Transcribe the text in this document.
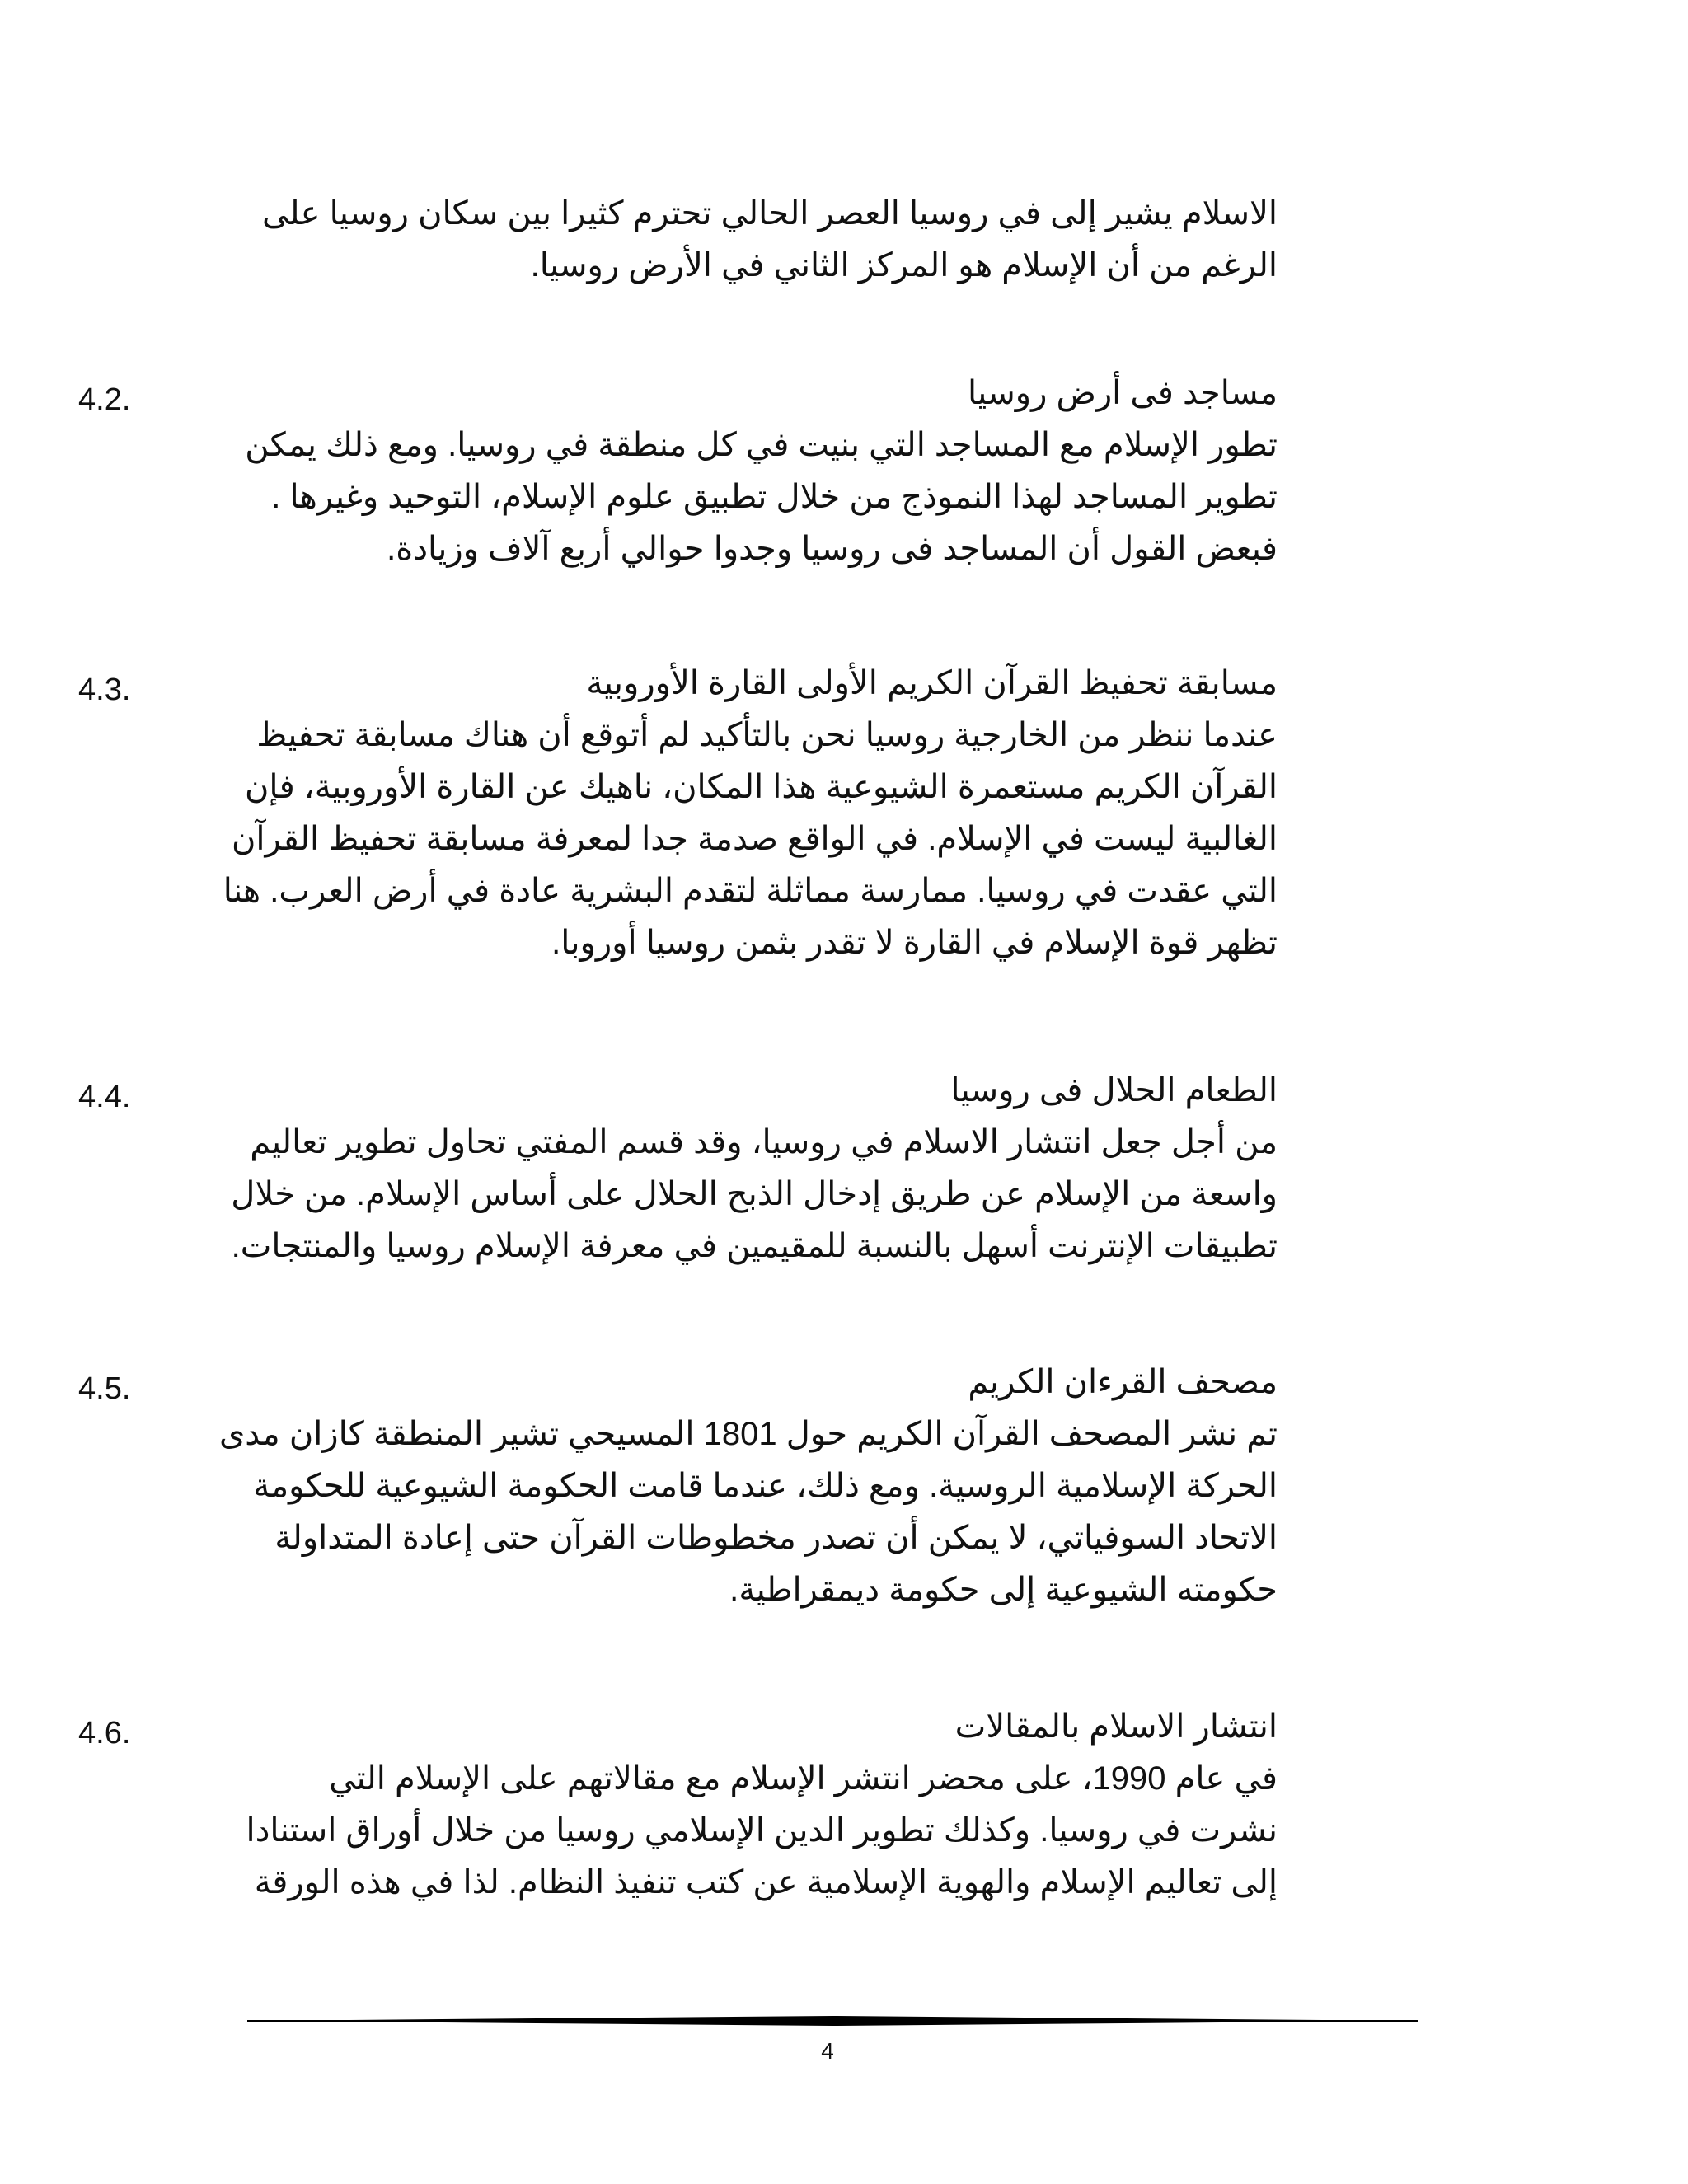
الاسلام يشير إلى في روسيا العصر الحالي تحترم كثيرا بين سكان روسيا على
الرغم من أن الإسلام هو المركز الثاني في الأرض روسيا.
مساجد فى أرض روسيا
4.2.
تطور الإسلام مع المساجد التي بنيت في كل منطقة في روسيا. ومع ذلك يمكن
تطوير المساجد لهذا النموذج من خلال تطبيق علوم الإسلام، التوحيد وغيرها .
فبعض القول أن المساجد فى روسيا وجدوا حوالي أربع آلاف وزيادة.
مسابقة تحفيظ القرآن الكريم الأولى القارة الأوروبية
4.3.
عندما ننظر من الخارجية روسيا نحن بالتأكيد لم أتوقع أن هناك مسابقة تحفيظ
القرآن الكريم مستعمرة الشيوعية هذا المكان، ناهيك عن القارة الأوروبية، فإن
الغالبية ليست في الإسلام. في الواقع صدمة جدا لمعرفة مسابقة تحفيظ القرآن
التي عقدت في روسيا. ممارسة مماثلة لتقدم البشرية عادة في أرض العرب. هنا
تظهر قوة الإسلام في القارة لا تقدر بثمن روسيا أوروبا.
الطعام الحلال فى روسيا
4.4.
من أجل جعل انتشار الاسلام في روسيا، وقد قسم المفتي تحاول تطوير تعاليم
واسعة من الإسلام عن طريق إدخال الذبح الحلال على أساس الإسلام. من خلال
تطبيقات الإنترنت أسهل بالنسبة للمقيمين في معرفة الإسلام روسيا والمنتجات.
مصحف القرءان الكريم
4.5.
تم نشر المصحف القرآن الكريم حول 1801 المسيحي تشير المنطقة كازان مدى
الحركة الإسلامية الروسية. ومع ذلك، عندما قامت الحكومة الشيوعية للحكومة
الاتحاد السوفياتي، لا يمكن أن تصدر مخطوطات القرآن حتى إعادة المتداولة
حكومته الشيوعية إلى حكومة ديمقراطية.
انتشار الاسلام بالمقالات
4.6.
في عام 1990، على محضر انتشر الإسلام مع مقالاتهم على الإسلام التي
نشرت في روسيا. وكذلك تطوير الدين الإسلامي روسيا من خلال أوراق استنادا
إلى تعاليم الإسلام والهوية الإسلامية عن كتب تنفيذ النظام. لذا في هذه الورقة
4
